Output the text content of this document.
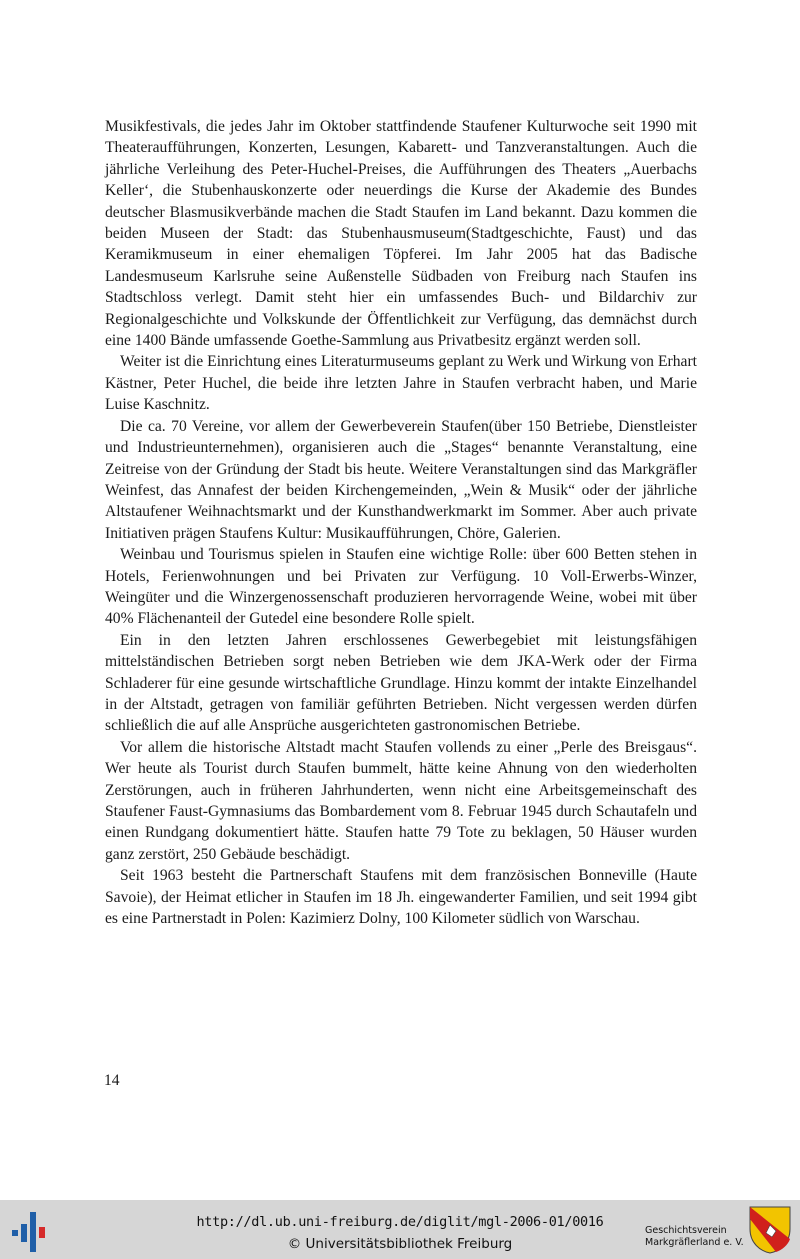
Musikfestivals, die jedes Jahr im Oktober stattfindende Staufener Kulturwoche seit 1990 mit Theateraufführungen, Konzerten, Lesungen, Kabarett- und Tanzveranstaltungen. Auch die jährliche Verleihung des Peter-Huchel-Preises, die Aufführungen des Theaters „Auerbachs Keller‘, die Stubenhauskonzerte oder neuerdings die Kurse der Akademie des Bundes deutscher Blasmusikverbände machen die Stadt Staufen im Land bekannt. Dazu kommen die beiden Museen der Stadt: das Stubenhausmuseum(Stadtgeschichte, Faust) und das Keramikmuseum in einer ehemaligen Töpferei. Im Jahr 2005 hat das Badische Landesmuseum Karlsruhe seine Außenstelle Südbaden von Freiburg nach Staufen ins Stadtschloss verlegt. Damit steht hier ein umfassendes Buch- und Bildarchiv zur Regionalgeschichte und Volkskunde der Öffentlichkeit zur Verfügung, das demnächst durch eine 1400 Bände umfassende Goethe-Sammlung aus Privatbesitz ergänzt werden soll.

Weiter ist die Einrichtung eines Literaturmuseums geplant zu Werk und Wirkung von Erhart Kästner, Peter Huchel, die beide ihre letzten Jahre in Staufen verbracht haben, und Marie Luise Kaschnitz.

Die ca. 70 Vereine, vor allem der Gewerbeverein Staufen(über 150 Betriebe, Dienstleister und Industrieunternehmen), organisieren auch die „Stages“ benannte Veranstaltung, eine Zeitreise von der Gründung der Stadt bis heute. Weitere Veranstaltungen sind das Markgräfler Weinfest, das Annafest der beiden Kirchengemeinden, „Wein & Musik“ oder der jährliche Altstaufener Weihnachtsmarkt und der Kunsthandwerkmarkt im Sommer. Aber auch private Initiativen prägen Staufens Kultur: Musikaufführungen, Chöre, Galerien.

Weinbau und Tourismus spielen in Staufen eine wichtige Rolle: über 600 Betten stehen in Hotels, Ferienwohnungen und bei Privaten zur Verfügung. 10 Voll-Erwerbs-Winzer, Weingüter und die Winzergenossenschaft produzieren hervorragende Weine, wobei mit über 40% Flächenanteil der Gutedel eine besondere Rolle spielt.

Ein in den letzten Jahren erschlossenes Gewerbegebiet mit leistungsfähigen mittelständischen Betrieben sorgt neben Betrieben wie dem JKA-Werk oder der Firma Schladerer für eine gesunde wirtschaftliche Grundlage. Hinzu kommt der intakte Einzelhandel in der Altstadt, getragen von familiär geführten Betrieben. Nicht vergessen werden dürfen schließlich die auf alle Ansprüche ausgerichteten gastronomischen Betriebe.

Vor allem die historische Altstadt macht Staufen vollends zu einer „Perle des Breisgaus“. Wer heute als Tourist durch Staufen bummelt, hätte keine Ahnung von den wiederholten Zerstörungen, auch in früheren Jahrhunderten, wenn nicht eine Arbeitsgemeinschaft des Staufener Faust-Gymnasiums das Bombardement vom 8. Februar 1945 durch Schautafeln und einen Rundgang dokumentiert hätte. Staufen hatte 79 Tote zu beklagen, 50 Häuser wurden ganz zerstört, 250 Gebäude beschädigt.

Seit 1963 besteht die Partnerschaft Staufens mit dem französischen Bonneville (Haute Savoie), der Heimat etlicher in Staufen im 18 Jh. eingewanderter Familien, und seit 1994 gibt es eine Partnerstadt in Polen: Kazimierz Dolny, 100 Kilometer südlich von Warschau.

14
http://dl.ub.uni-freiburg.de/diglit/mgl-2006-01/0016
© Universitätsbibliothek Freiburg
Geschichtsverein
Markgräflerland e. V.
